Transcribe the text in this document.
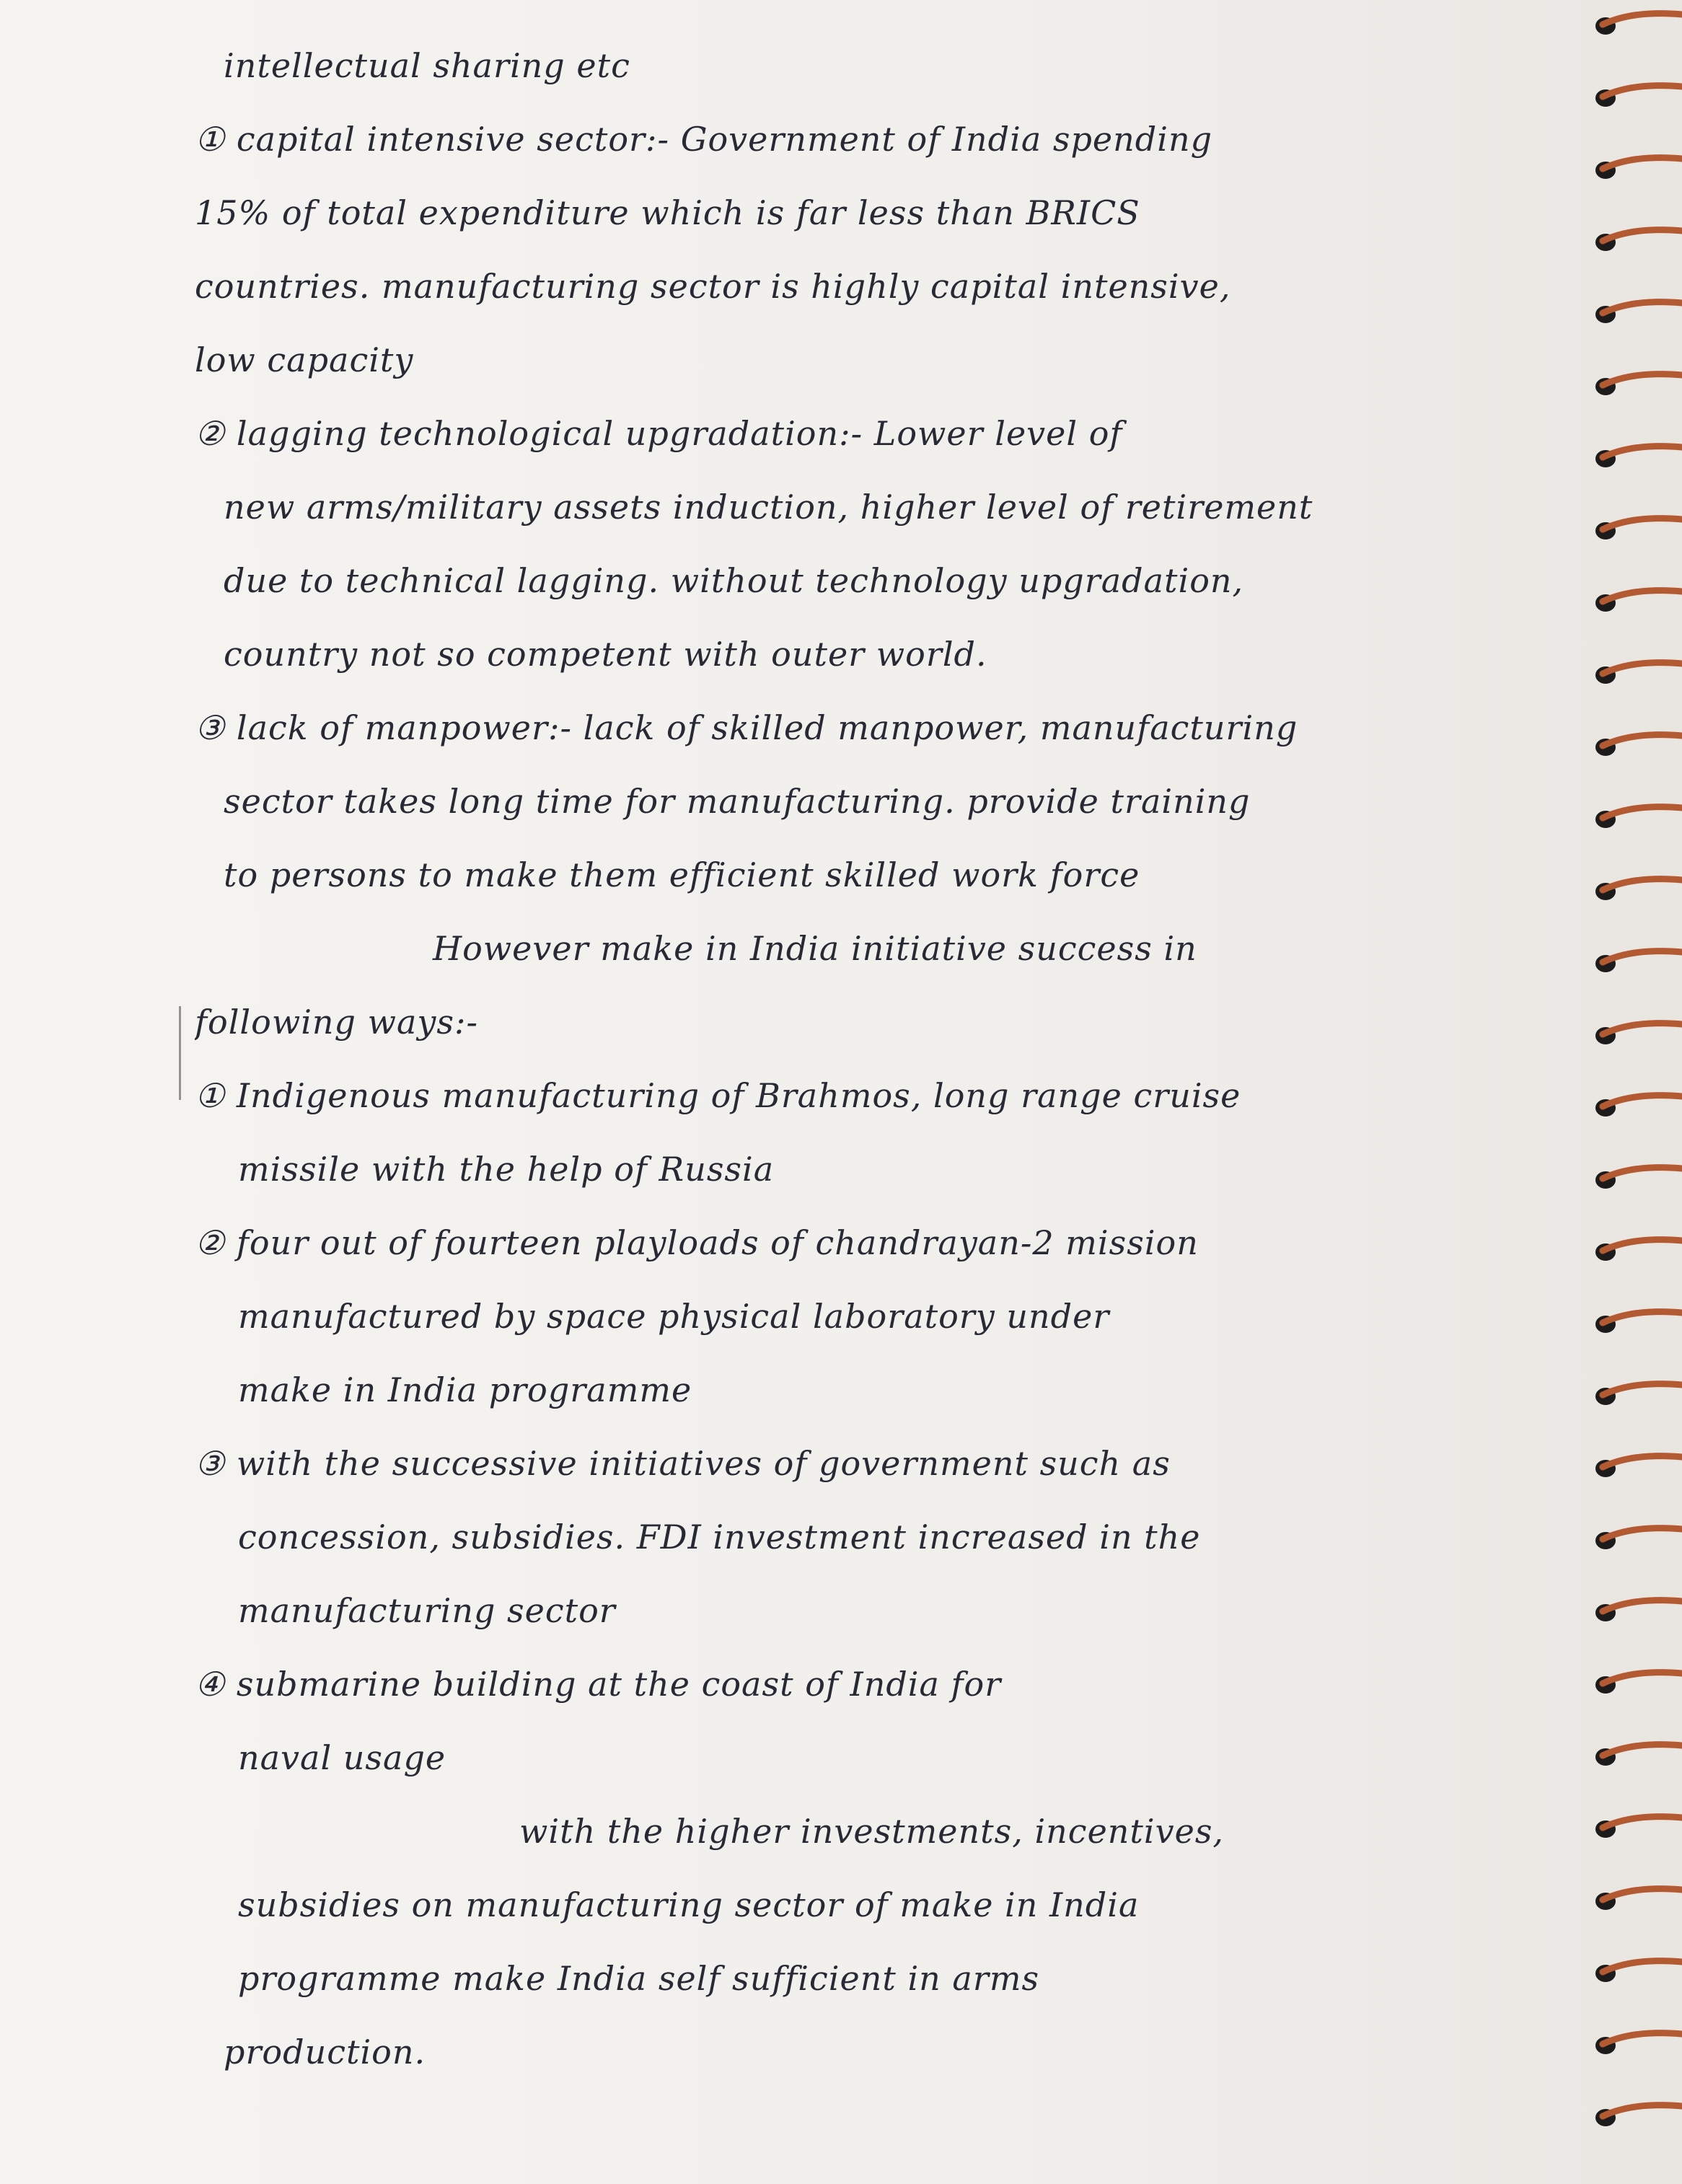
intellectual sharing etc
① capital intensive sector:- Government of India spending
15% of total expenditure which is far less than BRICS
countries. manufacturing sector is highly capital intensive,
low capacity
② lagging technological upgradation:- Lower level of
new arms/military assets induction, higher level of retirement
due to technical lagging. without technology upgradation,
country not so competent with outer world.
③ lack of manpower:- lack of skilled manpower, manufacturing
sector takes long time for manufacturing. provide training
to persons to make them efficient skilled work force
However make in India initiative success in
following ways:-
① Indigenous manufacturing of Brahmos, long range cruise
missile with the help of Russia
② four out of fourteen playloads of chandrayan-2 mission
manufactured by space physical laboratory under
make in India programme
③ with the successive initiatives of government such as
concession, subsidies. FDI investment increased in the
manufacturing sector
④ submarine building at the coast of India for
naval usage
with the higher investments, incentives,
subsidies on manufacturing sector of make in India
programme make India self sufficient in arms
production.
